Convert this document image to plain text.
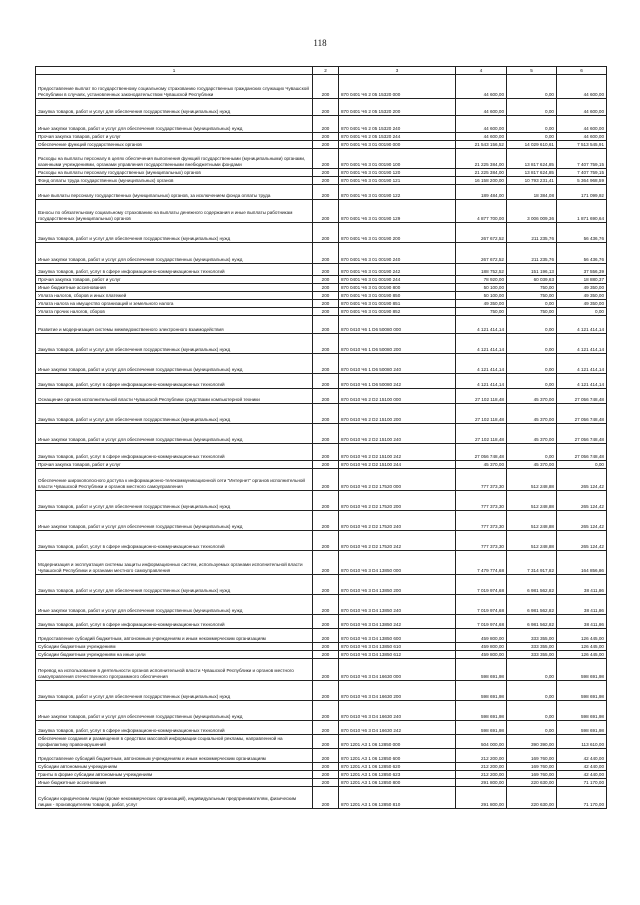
118
1	2	3	4	5	6
Предоставление выплат по государственному социальному страхованию государственных гражданских служащих Чувашской Республики в случаях, установленных законодательством Чувашской Республики	200	870 0401 Ч6 2 05 15320 000	44 600,00	0,00	44 600,00
Закупка товаров, работ и услуг для обеспечения государственных (муниципальных) нужд	200	870 0401 Ч6 2 05 15320 200	44 600,00	0,00	44 600,00
Иные закупки товаров, работ и услуг для обеспечения государственных (муниципальных) нужд	200	870 0401 Ч6 2 05 15320 240	44 600,00	0,00	44 600,00
Прочая закупка товаров, работ и услуг	200	870 0401 Ч6 2 05 15320 244	44 600,00	0,00	44 600,00
Обеспечение функций государственных органов	200	870 0401 Ч6 3 01 00190 000	21 543 156,52	14 029 610,61	7 513 545,91
Расходы на выплаты персоналу в целях обеспечения выполнения функций государственными (муниципальными) органами, казенными учреждениями, органами управления государственными внебюджетными фондами	200	870 0401 Ч6 3 01 00190 100	21 225 384,00	13 817 624,85	7 407 759,15
Расходы на выплаты персоналу государственных (муниципальных) органов	200	870 0401 Ч6 3 01 00190 120	21 225 384,00	13 817 624,85	7 407 759,15
Фонд оплаты труда государственных (муниципальных) органов	200	870 0401 Ч6 3 01 00190 121	16 158 200,00	10 793 231,41	5 364 968,59
Иные выплаты персоналу государственных (муниципальных) органов, за исключением фонда оплаты труда	200	870 0401 Ч6 3 01 00190 122	189 484,00	18 384,08	171 099,92
Взносы по обязательному социальному страхованию на выплаты денежного содержания и иные выплаты работникам государственных (муниципальных) органов	200	870 0401 Ч6 3 01 00190 129	4 877 700,00	3 006 009,36	1 871 690,64
Закупка товаров, работ и услуг для обеспечения государственных (муниципальных) нужд	200	870 0401 Ч6 3 01 00190 200	267 672,52	211 235,76	56 436,76
Иные закупки товаров, работ и услуг для обеспечения государственных (муниципальных) нужд	200	870 0401 Ч6 3 01 00190 240	267 672,52	211 235,76	56 436,76
Закупка товаров, работ, услуг в сфере информационно-коммуникационных технологий	200	870 0401 Ч6 3 01 00190 242	188 752,52	151 196,13	37 556,39
Прочая закупка товаров, работ и услуг	200	870 0401 Ч6 3 01 00190 244	78 920,00	60 039,63	18 880,37
Иные бюджетные ассигнования	200	870 0401 Ч6 3 01 00190 800	50 100,00	750,00	49 350,00
Уплата налогов, сборов и иных платежей	200	870 0401 Ч6 3 01 00190 850	50 100,00	750,00	49 350,00
Уплата налога на имущество организаций и земельного налога	200	870 0401 Ч6 3 01 00190 851	49 350,00	0,00	49 350,00
Уплата прочих налогов, сборов	200	870 0401 Ч6 3 01 00190 852	750,00	750,00	0,00
Развитие и модернизация системы межведомственного электронного взаимодействия	200	870 0410 Ч6 1 D6 50080 000	4 121 414,14	0,00	4 121 414,14
Закупка товаров, работ и услуг для обеспечения государственных (муниципальных) нужд	200	870 0410 Ч6 1 D6 50080 200	4 121 414,14	0,00	4 121 414,14
Иные закупки товаров, работ и услуг для обеспечения государственных (муниципальных) нужд	200	870 0410 Ч6 1 D6 50080 240	4 121 414,14	0,00	4 121 414,14
Закупка товаров, работ, услуг в сфере информационно-коммуникационных технологий	200	870 0410 Ч6 1 D6 50080 242	4 121 414,14	0,00	4 121 414,14
Оснащение органов исполнительной власти Чувашской Республики средствами компьютерной техники	200	870 0410 Ч6 2 D2 15100 000	27 102 118,48	45 370,00	27 056 748,48
Закупка товаров, работ и услуг для обеспечения государственных (муниципальных) нужд	200	870 0410 Ч6 2 D2 15100 200	27 102 118,48	45 370,00	27 056 748,48
Иные закупки товаров, работ и услуг для обеспечения государственных (муниципальных) нужд	200	870 0410 Ч6 2 D2 15100 240	27 102 118,48	45 370,00	27 056 748,48
Закупка товаров, работ, услуг в сфере информационно-коммуникационных технологий	200	870 0410 Ч6 2 D2 15100 242	27 056 748,48	0,00	27 056 748,48
Прочая закупка товаров, работ и услуг	200	870 0410 Ч6 2 D2 15100 244	45 370,00	45 370,00	0,00
Обеспечение широкополосного доступа к информационно-телекоммуникационной сети "Интернет" органов исполнительной власти Чувашской Республики и органов местного самоуправления	200	870 0410 Ч6 2 D2 17520 000	777 373,30	512 248,88	265 124,42
Закупка товаров, работ и услуг для обеспечения государственных (муниципальных) нужд	200	870 0410 Ч6 2 D2 17520 200	777 373,30	512 248,88	265 124,42
Иные закупки товаров, работ и услуг для обеспечения государственных (муниципальных) нужд	200	870 0410 Ч6 2 D2 17520 240	777 373,30	512 248,88	265 124,42
Закупка товаров, работ, услуг в сфере информационно-коммуникационных технологий	200	870 0410 Ч6 2 D2 17520 242	777 373,30	512 248,88	265 124,42
Модернизация и эксплуатация системы защиты информационных систем, используемых органами исполнительной власти Чувашской Республики и органами местного самоуправления	200	870 0410 Ч6 3 D4 13850 000	7 479 774,68	7 314 917,82	164 856,86
Закупка товаров, работ и услуг для обеспечения государственных (муниципальных) нужд	200	870 0410 Ч6 3 D4 13850 200	7 019 974,68	6 981 562,82	38 411,86
Иные закупки товаров, работ и услуг для обеспечения государственных (муниципальных) нужд	200	870 0410 Ч6 3 D4 13850 240	7 019 974,68	6 981 562,82	38 411,86
Закупка товаров, работ, услуг в сфере информационно-коммуникационных технологий	200	870 0410 Ч6 3 D4 13850 242	7 019 974,68	6 981 562,82	38 411,86
Предоставление субсидий бюджетным, автономным учреждениям и иным некоммерческим организациям	200	870 0410 Ч6 3 D4 13850 600	459 800,00	333 355,00	126 445,00
Субсидии бюджетным учреждениям	200	870 0410 Ч6 3 D4 13850 610	459 800,00	333 355,00	126 445,00
Субсидии бюджетным учреждениям на иные цели	200	870 0410 Ч6 3 D4 13850 612	459 800,00	333 355,00	126 445,00
Перевод на использование в деятельности органов исполнительной власти Чувашской Республики и органов местного самоуправления отечественного программного обеспечения	200	870 0410 Ч6 3 D4 16630 000	598 691,98	0,00	598 691,98
Закупка товаров, работ и услуг для обеспечения государственных (муниципальных) нужд	200	870 0410 Ч6 3 D4 16630 200	598 691,98	0,00	598 691,98
Иные закупки товаров, работ и услуг для обеспечения государственных (муниципальных) нужд	200	870 0410 Ч6 3 D4 16630 240	598 691,98	0,00	598 691,98
Закупка товаров, работ, услуг в сфере информационно-коммуникационных технологий	200	870 0410 Ч6 3 D4 16630 242	598 691,98	0,00	598 691,98
Обеспечение создания и размещения в средствах массовой информации социальной рекламы, направленной на профилактику правонарушений	200	870 1201 А3 1 06 12850 000	504 000,00	390 390,00	113 610,00
Предоставление субсидий бюджетным, автономным учреждениям и иным некоммерческим организациям	200	870 1201 А3 1 06 12850 600	212 200,00	169 760,00	42 440,00
Субсидии автономным учреждениям	200	870 1201 А3 1 06 12850 620	212 200,00	169 760,00	42 440,00
Гранты в форме субсидии автономным учреждениям	200	870 1201 А3 1 06 12850 623	212 200,00	169 760,00	42 440,00
Иные бюджетные ассигнования	200	870 1201 А3 1 06 12850 800	291 800,00	220 630,00	71 170,00
Субсидии юридическим лицам (кроме некоммерческих организаций), индивидуальным предпринимателям, физическим лицам - производителям товаров, работ, услуг	200	870 1201 А3 1 06 12850 810	291 800,00	220 630,00	71 170,00
